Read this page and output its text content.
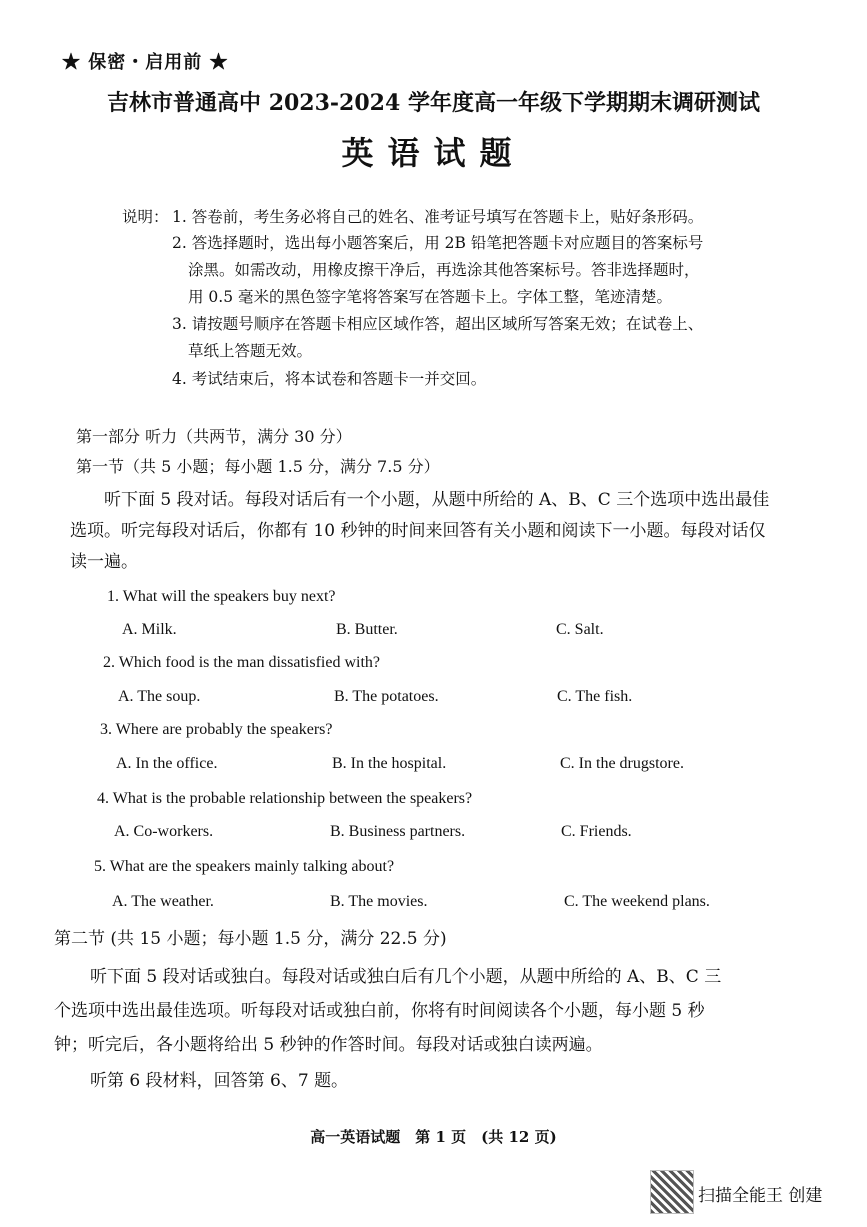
★ 保密・启用前 ★
吉林市普通高中 2023-2024 学年度高一年级下学期期末调研测试
英语试题
说明： 1. 答卷前，考生务必将自己的姓名、准考证号填写在答题卡上，贴好条形码。
2. 答选择题时，选出每小题答案后，用 2B 铅笔把答题卡对应题目的答案标号
涂黑。如需改动，用橡皮擦干净后，再选涂其他答案标号。答非选择题时，
用 0.5 毫米的黑色签字笔将答案写在答题卡上。字体工整，笔迹清楚。
3. 请按题号顺序在答题卡相应区域作答，超出区域所写答案无效；在试卷上、
草纸上答题无效。
4. 考试结束后，将本试卷和答题卡一并交回。
第一部分 听力（共两节，满分 30 分）
第一节（共 5 小题；每小题 1.5 分，满分 7.5 分）
听下面 5 段对话。每段对话后有一个小题，从题中所给的 A、B、C 三个选项中选出最佳
选项。听完每段对话后，你都有 10 秒钟的时间来回答有关小题和阅读下一小题。每段对话仅
读一遍。
1. What will the speakers buy next?
A. Milk.	B. Butter.	C. Salt.
2. Which food is the man dissatisfied with?
A. The soup.	B. The potatoes.	C. The fish.
3. Where are probably the speakers?
A. In the office.	B. In the hospital.	C. In the drugstore.
4. What is the probable relationship between the speakers?
A. Co-workers.	B. Business partners.	C. Friends.
5. What are the speakers mainly talking about?
A. The weather.	B. The movies.	C. The weekend plans.
第二节 (共 15 小题；每小题 1.5 分，满分 22.5 分)
听下面 5 段对话或独白。每段对话或独白后有几个小题，从题中所给的 A、B、C 三
个选项中选出最佳选项。听每段对话或独白前，你将有时间阅读各个小题，每小题 5 秒
钟；听完后，各小题将给出 5 秒钟的作答时间。每段对话或独白读两遍。
听第 6 段材料，回答第 6、7 题。
高一英语试题　第 1 页　(共 12 页)
扫描全能王 创建
